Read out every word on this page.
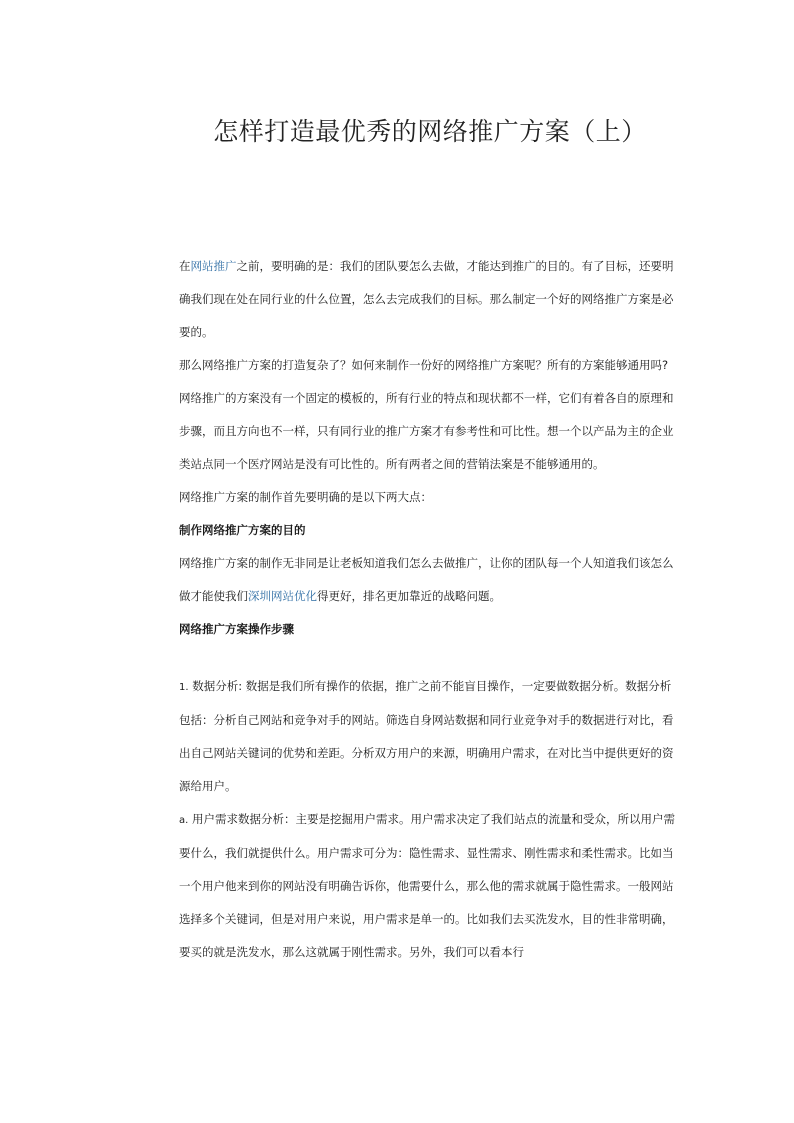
怎样打造最优秀的网络推广方案（上）

在网站推广之前，要明确的是：我们的团队要怎么去做，才能达到推广的目的。有了目标，还要明确我们现在处在同行业的什么位置，怎么去完成我们的目标。那么制定一个好的网络推广方案是必要的。

那么网络推广方案的打造复杂了？如何来制作一份好的网络推广方案呢？所有的方案能够通用吗?

网络推广的方案没有一个固定的模板的，所有行业的特点和现状都不一样，它们有着各自的原理和步骤，而且方向也不一样，只有同行业的推广方案才有参考性和可比性。想一个以产品为主的企业类站点同一个医疗网站是没有可比性的。所有两者之间的营销法案是不能够通用的。

网络推广方案的制作首先要明确的是以下两大点：

制作网络推广方案的目的

网络推广方案的制作无非同是让老板知道我们怎么去做推广，让你的团队每一个人知道我们该怎么做才能使我们深圳网站优化得更好，排名更加靠近的战略问题。

网络推广方案操作步骤

1. 数据分析: 数据是我们所有操作的依据，推广之前不能盲目操作，一定要做数据分析。数据分析包括：分析自己网站和竞争对手的网站。筛选自身网站数据和同行业竞争对手的数据进行对比，看出自己网站关键词的优势和差距。分析双方用户的来源，明确用户需求，在对比当中提供更好的资源给用户。

a. 用户需求数据分析：主要是挖掘用户需求。用户需求决定了我们站点的流量和受众，所以用户需要什么，我们就提供什么。用户需求可分为：隐性需求、显性需求、刚性需求和柔性需求。比如当一个用户他来到你的网站没有明确告诉你，他需要什么，那么他的需求就属于隐性需求。一般网站选择多个关键词，但是对用户来说，用户需求是单一的。比如我们去买洗发水，目的性非常明确，要买的就是洗发水，那么这就属于刚性需求。另外，我们可以看本行
